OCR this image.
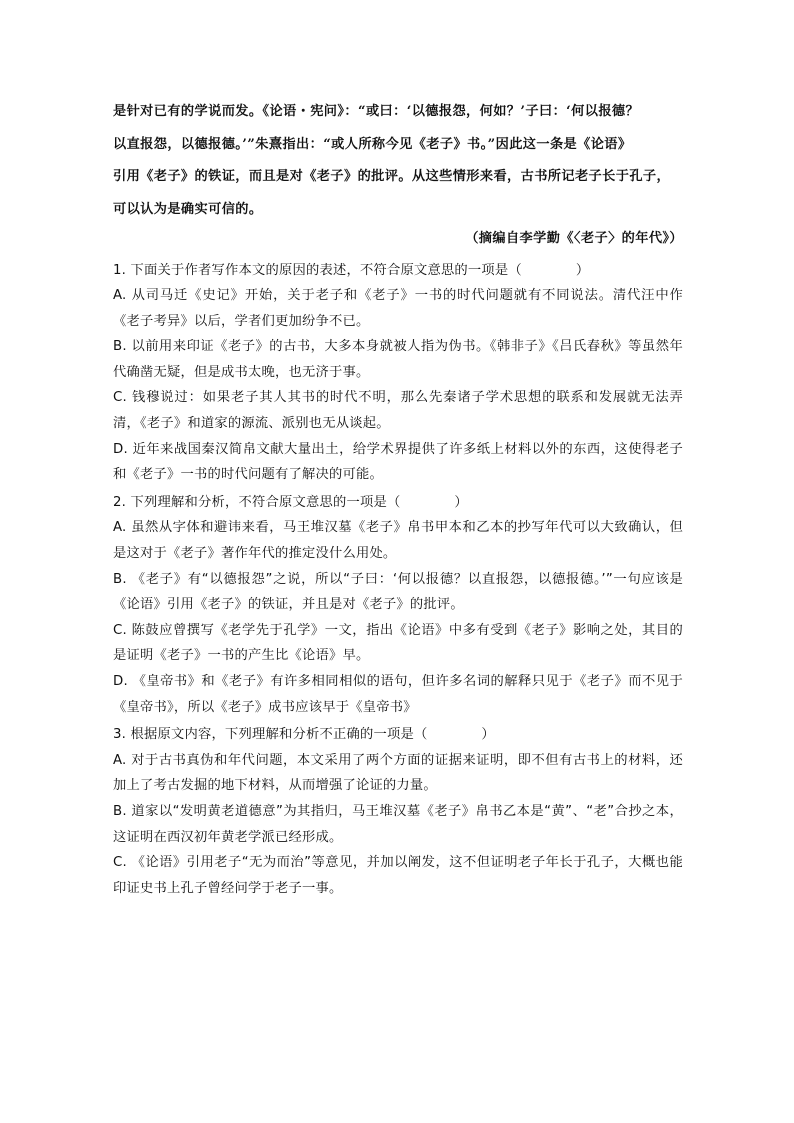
是针对已有的学说而发。《论语・宪问》：“或曰：‘以德报怨，何如？’子曰：‘何以报德？

以直报怨，以德报德。’”朱熹指出：“或人所称今见《老子》书。”因此这一条是《论语》

引用《老子》的铁证，而且是对《老子》的批评。从这些情形来看，古书所记老子长于孔子，

可以认为是确实可信的。

（摘编自李学勤《〈老子〉的年代》）

1. 下面关于作者写作本文的原因的表述，不符合原文意思的一项是（　　　　）

A. 从司马迁《史记》开始，关于老子和《老子》一书的时代问题就有不同说法。清代汪中作《老子考异》以后，学者们更加纷争不已。

B. 以前用来印证《老子》的古书，大多本身就被人指为伪书。《韩非子》《吕氏春秋》等虽然年代确凿无疑，但是成书太晚，也无济于事。

C. 钱穆说过：如果老子其人其书的时代不明，那么先秦诸子学术思想的联系和发展就无法弄清，《老子》和道家的源流、派别也无从谈起。

D. 近年来战国秦汉简帛文献大量出土，给学术界提供了许多纸上材料以外的东西，这使得老子和《老子》一书的时代问题有了解决的可能。

2. 下列理解和分析，不符合原文意思的一项是（　　　　）

A. 虽然从字体和避讳来看，马王堆汉墓《老子》帛书甲本和乙本的抄写年代可以大致确认，但是这对于《老子》著作年代的推定没什么用处。

B. 《老子》有“以德报怨”之说，所以“子曰：‘何以报德？以直报怨，以德报德。’”一句应该是《论语》引用《老子》的铁证，并且是对《老子》的批评。

C. 陈鼓应曾撰写《老学先于孔学》一文，指出《论语》中多有受到《老子》影响之处，其目的是证明《老子》一书的产生比《论语》早。

D. 《皇帝书》和《老子》有许多相同相似的语句，但许多名词的解释只见于《老子》而不见于《皇帝书》，所以《老子》成书应该早于《皇帝书》

3. 根据原文内容，下列理解和分析不正确的一项是（　　　　）

A. 对于古书真伪和年代问题，本文采用了两个方面的证据来证明，即不但有古书上的材料，还加上了考古发掘的地下材料，从而增强了论证的力量。

B. 道家以“发明黄老道德意”为其指归，马王堆汉墓《老子》帛书乙本是“黄”、“老”合抄之本，这证明在西汉初年黄老学派已经形成。

C. 《论语》引用老子“无为而治”等意见，并加以阐发，这不但证明老子年长于孔子，大概也能印证史书上孔子曾经问学于老子一事。
